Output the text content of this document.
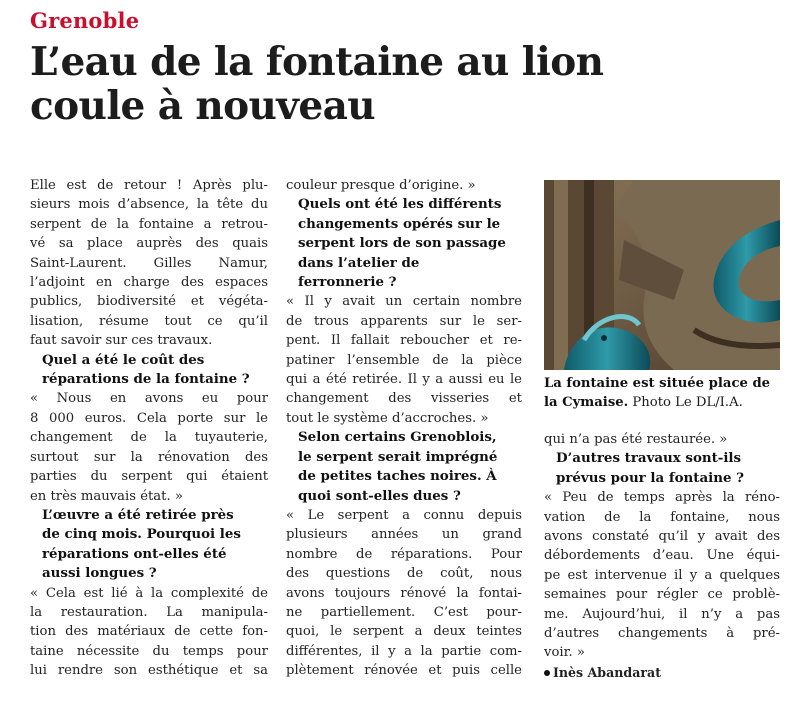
Grenoble
L’eau de la fontaine au lion
coule à nouveau
Elle est de retour ! Après plu-
sieurs mois d’absence, la tête du
serpent de la fontaine a retrou-
vé sa place auprès des quais
Saint-Laurent. Gilles Namur,
l’adjoint en charge des espaces
publics, biodiversité et végéta-
lisation, résume tout ce qu’il
faut savoir sur ces travaux.
Quel a été le coût des
réparations de la fontaine ?
« Nous en avons eu pour
8 000 euros. Cela porte sur le
changement de la tuyauterie,
surtout sur la rénovation des
parties du serpent qui étaient
en très mauvais état. »
L’œuvre a été retirée près
de cinq mois. Pourquoi les
réparations ont-elles été
aussi longues ?
« Cela est lié à la complexité de
la restauration. La manipula-
tion des matériaux de cette fon-
taine nécessite du temps pour
lui rendre son esthétique et sa
couleur presque d’origine. »
Quels ont été les différents
changements opérés sur le
serpent lors de son passage
dans l’atelier de
ferronnerie ?
« Il y avait un certain nombre
de trous apparents sur le ser-
pent. Il fallait reboucher et re-
patiner l’ensemble de la pièce
qui a été retirée. Il y a aussi eu le
changement des visseries et
tout le système d’accroches. »
Selon certains Grenoblois,
le serpent serait imprégné
de petites taches noires. À
quoi sont-elles dues ?
« Le serpent a connu depuis
plusieurs années un grand
nombre de réparations. Pour
des questions de coût, nous
avons toujours rénové la fontai-
ne partiellement. C’est pour-
quoi, le serpent a deux teintes
différentes, il y a la partie com-
plètement rénovée et puis celle
La fontaine est située place de la Cymaise. Photo Le DL/I.A.
qui n’a pas été restaurée. »
D’autres travaux sont-ils
prévus pour la fontaine ?
« Peu de temps après la réno-
vation de la fontaine, nous
avons constaté qu’il y avait des
débordements d’eau. Une équi-
pe est intervenue il y a quelques
semaines pour régler ce problè-
me. Aujourd’hui, il n’y a pas
d’autres changements à pré-
voir. »
Inès Abandarat
